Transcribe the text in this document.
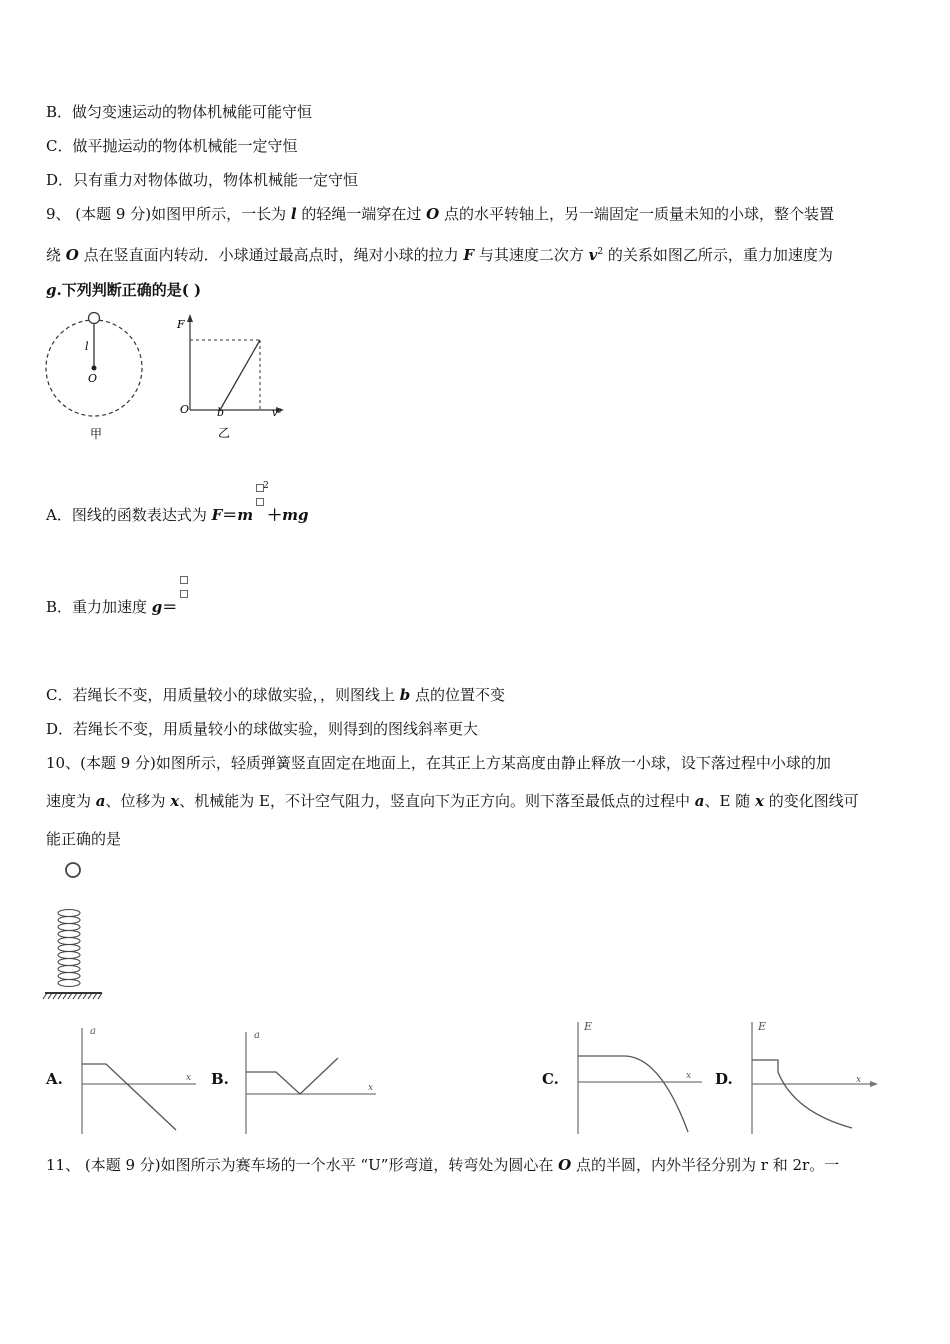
B．做匀变速运动的物体机械能可能守恒
C．做平抛运动的物体机械能一定守恒
D．只有重力对物体做功，物体机械能一定守恒
9、 (本题 9 分)如图甲所示，一长为 l 的轻绳一端穿在过 O 点的水平转轴上，另一端固定一质量未知的小球，整个装置
绕 O 点在竖直面内转动．小球通过最高点时，绳对小球的拉力 F 与其速度二次方 $v^2$ 的关系如图乙所示，重力加速度为
g.下列判断正确的是( )
l
O
甲
F
O	b	v²
乙
A．图线的函数表达式为 F＝m
2
＋mg
B．重力加速度 g＝
C．若绳长不变，用质量较小的球做实验，，则图线上 b 点的位置不变
D．若绳长不变，用质量较小的球做实验，则得到的图线斜率更大
10、(本题 9 分)如图所示，轻质弹簧竖直固定在地面上，在其正上方某高度由静止释放一小球，设下落过程中小球的加
速度为 a、位移为 x、机械能为 E，不计空气阻力，竖直向下为正方向。则下落至最低点的过程中 a、E 随 x 的变化图线可
能正确的是
A.	B.	C.	D.
a
x
a
x
E
x
E
x
11、 (本题 9 分)如图所示为赛车场的一个水平 “U”形弯道，转弯处为圆心在 O 点的半圆，内外半径分别为 r 和 2r。一
